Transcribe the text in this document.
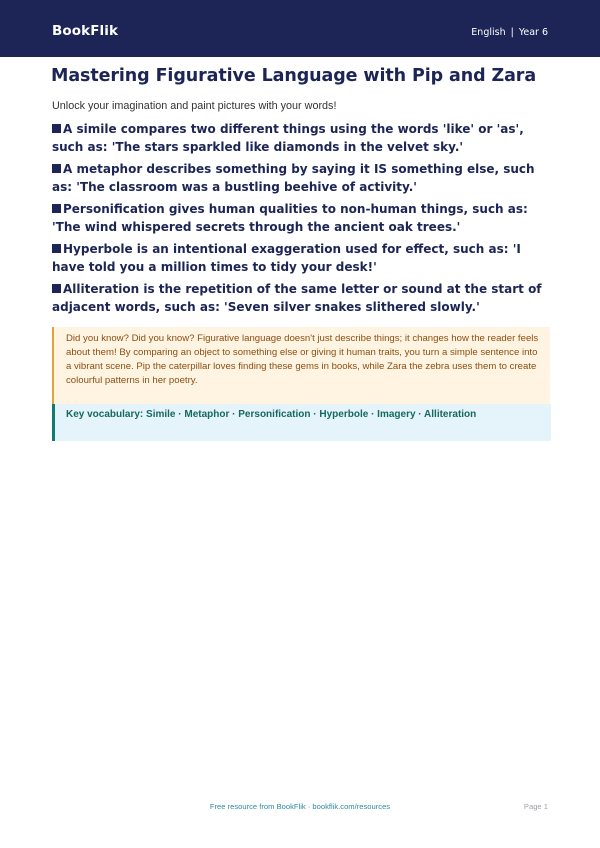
BookFlik	English | Year 6
Mastering Figurative Language with Pip and Zara
Unlock your imagination and paint pictures with your words!
A simile compares two different things using the words 'like' or 'as', such as: 'The stars sparkled like diamonds in the velvet sky.'
A metaphor describes something by saying it IS something else, such as: 'The classroom was a bustling beehive of activity.'
Personification gives human qualities to non-human things, such as: 'The wind whispered secrets through the ancient oak trees.'
Hyperbole is an intentional exaggeration used for effect, such as: 'I have told you a million times to tidy your desk!'
Alliteration is the repetition of the same letter or sound at the start of adjacent words, such as: 'Seven silver snakes slithered slowly.'

Did you know? Did you know? Figurative language doesn't just describe things; it changes how the reader feels about them! By comparing an object to something else or giving it human traits, you turn a simple sentence into a vibrant scene. Pip the caterpillar loves finding these gems in books, while Zara the zebra uses them to create colourful patterns in her poetry.

Key vocabulary: Simile · Metaphor · Personification · Hyperbole · Imagery · Alliteration
Free resource from BookFlik · bookflik.com/resources	Page 1
